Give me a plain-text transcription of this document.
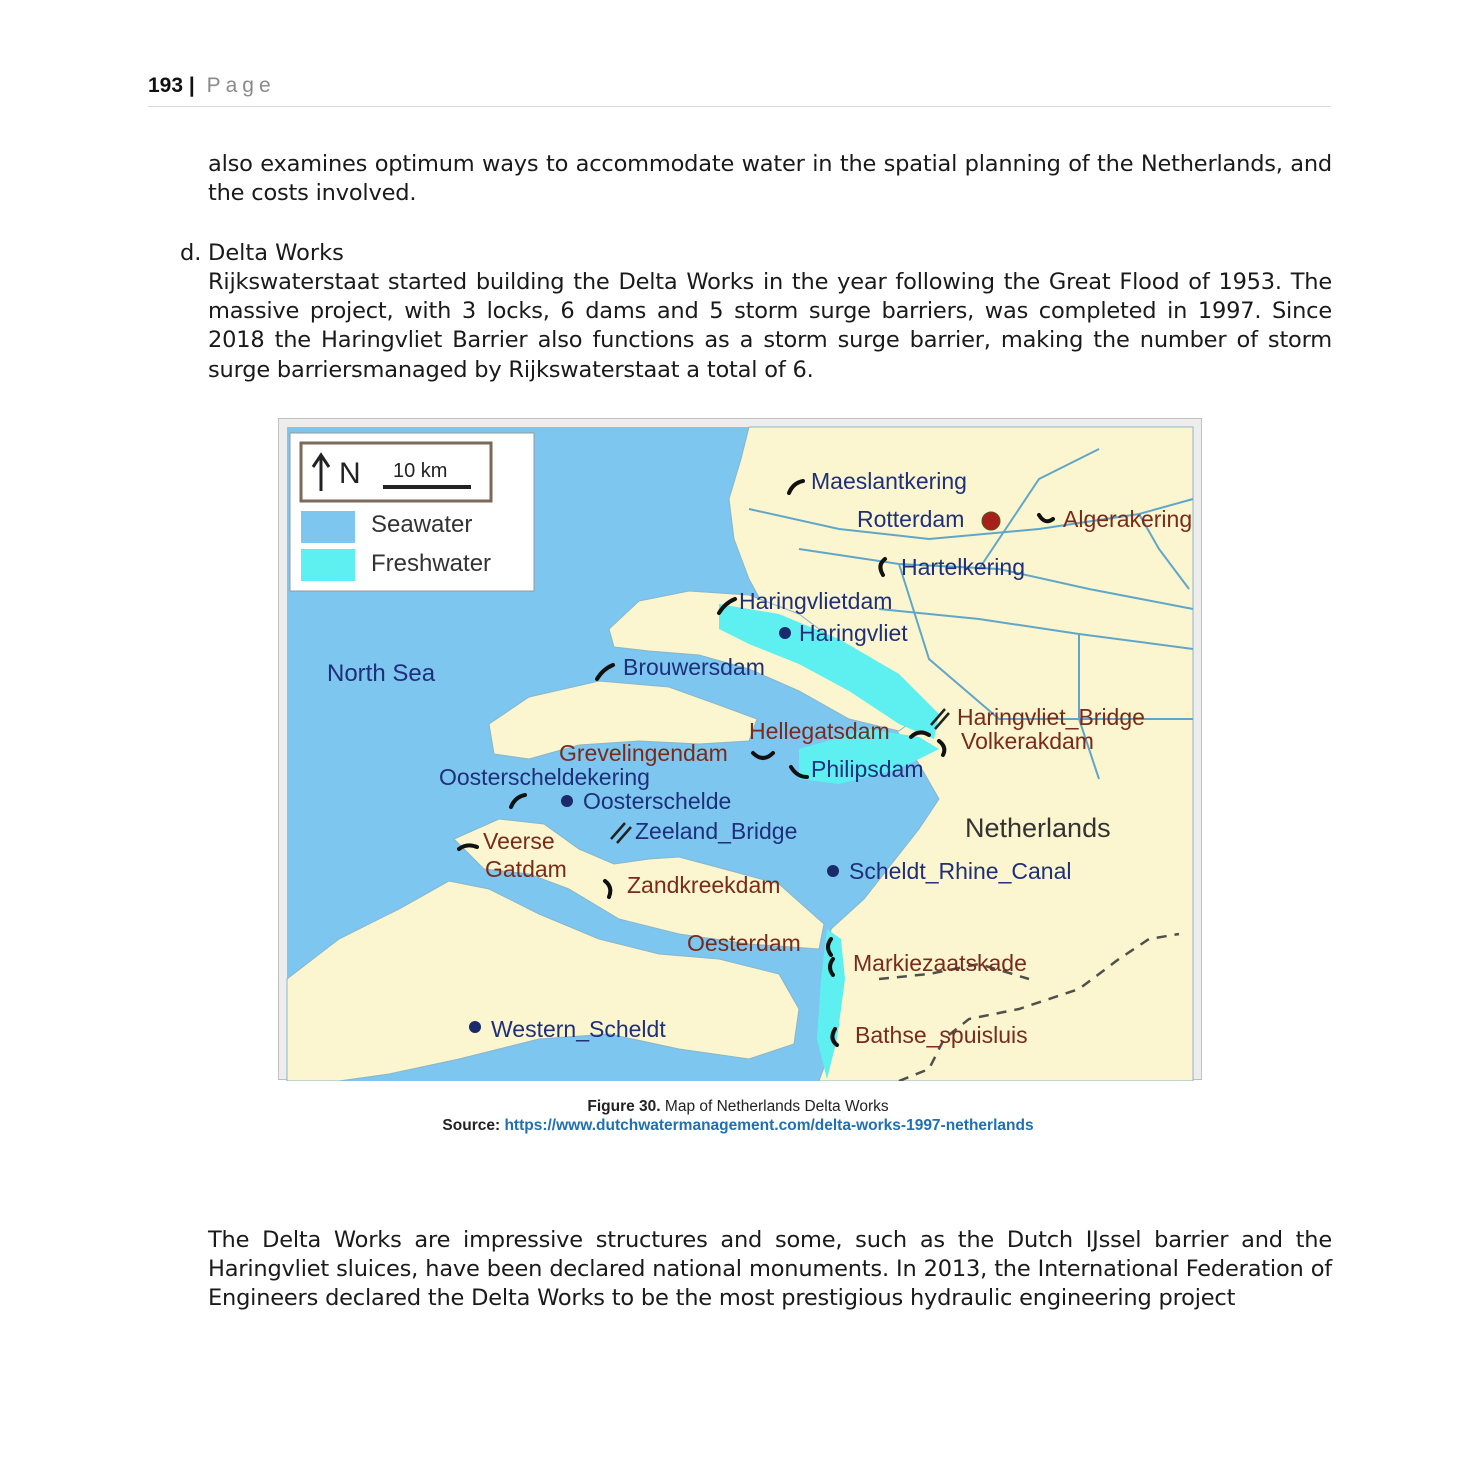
193 | Page
also examines optimum ways to accommodate water in the spatial planning of the Netherlands, and the costs involved.
d. Delta Works
Rijkswaterstaat started building the Delta Works in the year following the Great Flood of 1953. The massive project, with 3 locks, 6 dams and 5 storm surge barriers, was completed in 1997. Since 2018 the Haringvliet Barrier also functions as a storm surge barrier, making the number of storm surge barriersmanaged by Rijkswaterstaat a total of 6.
N 10 km
Seawater
Freshwater
Maeslantkering
Rotterdam
Hartelkering
Haringvlietdam
Haringvliet
Brouwersdam
North Sea
Philipsdam
Oosterscheldekering
Oosterschelde
Zeeland_Bridge
Scheldt_Rhine_Canal
Western_Scheldt
Algerakering
Hellegatsdam
Haringvliet_Bridge
Volkerakdam
Grevelingendam
Veerse
Gatdam
Zandkreekdam
Oesterdam
Markiezaatskade
Bathse_spuisluis
Netherlands
Figure 30. Map of Netherlands Delta Works
Source: https://www.dutchwatermanagement.com/delta-works-1997-netherlands
The Delta Works are impressive structures and some, such as the Dutch IJssel barrier and the Haringvliet sluices, have been declared national monuments. In 2013, the International Federation of Engineers declared the Delta Works to be the most prestigious hydraulic engineering project
